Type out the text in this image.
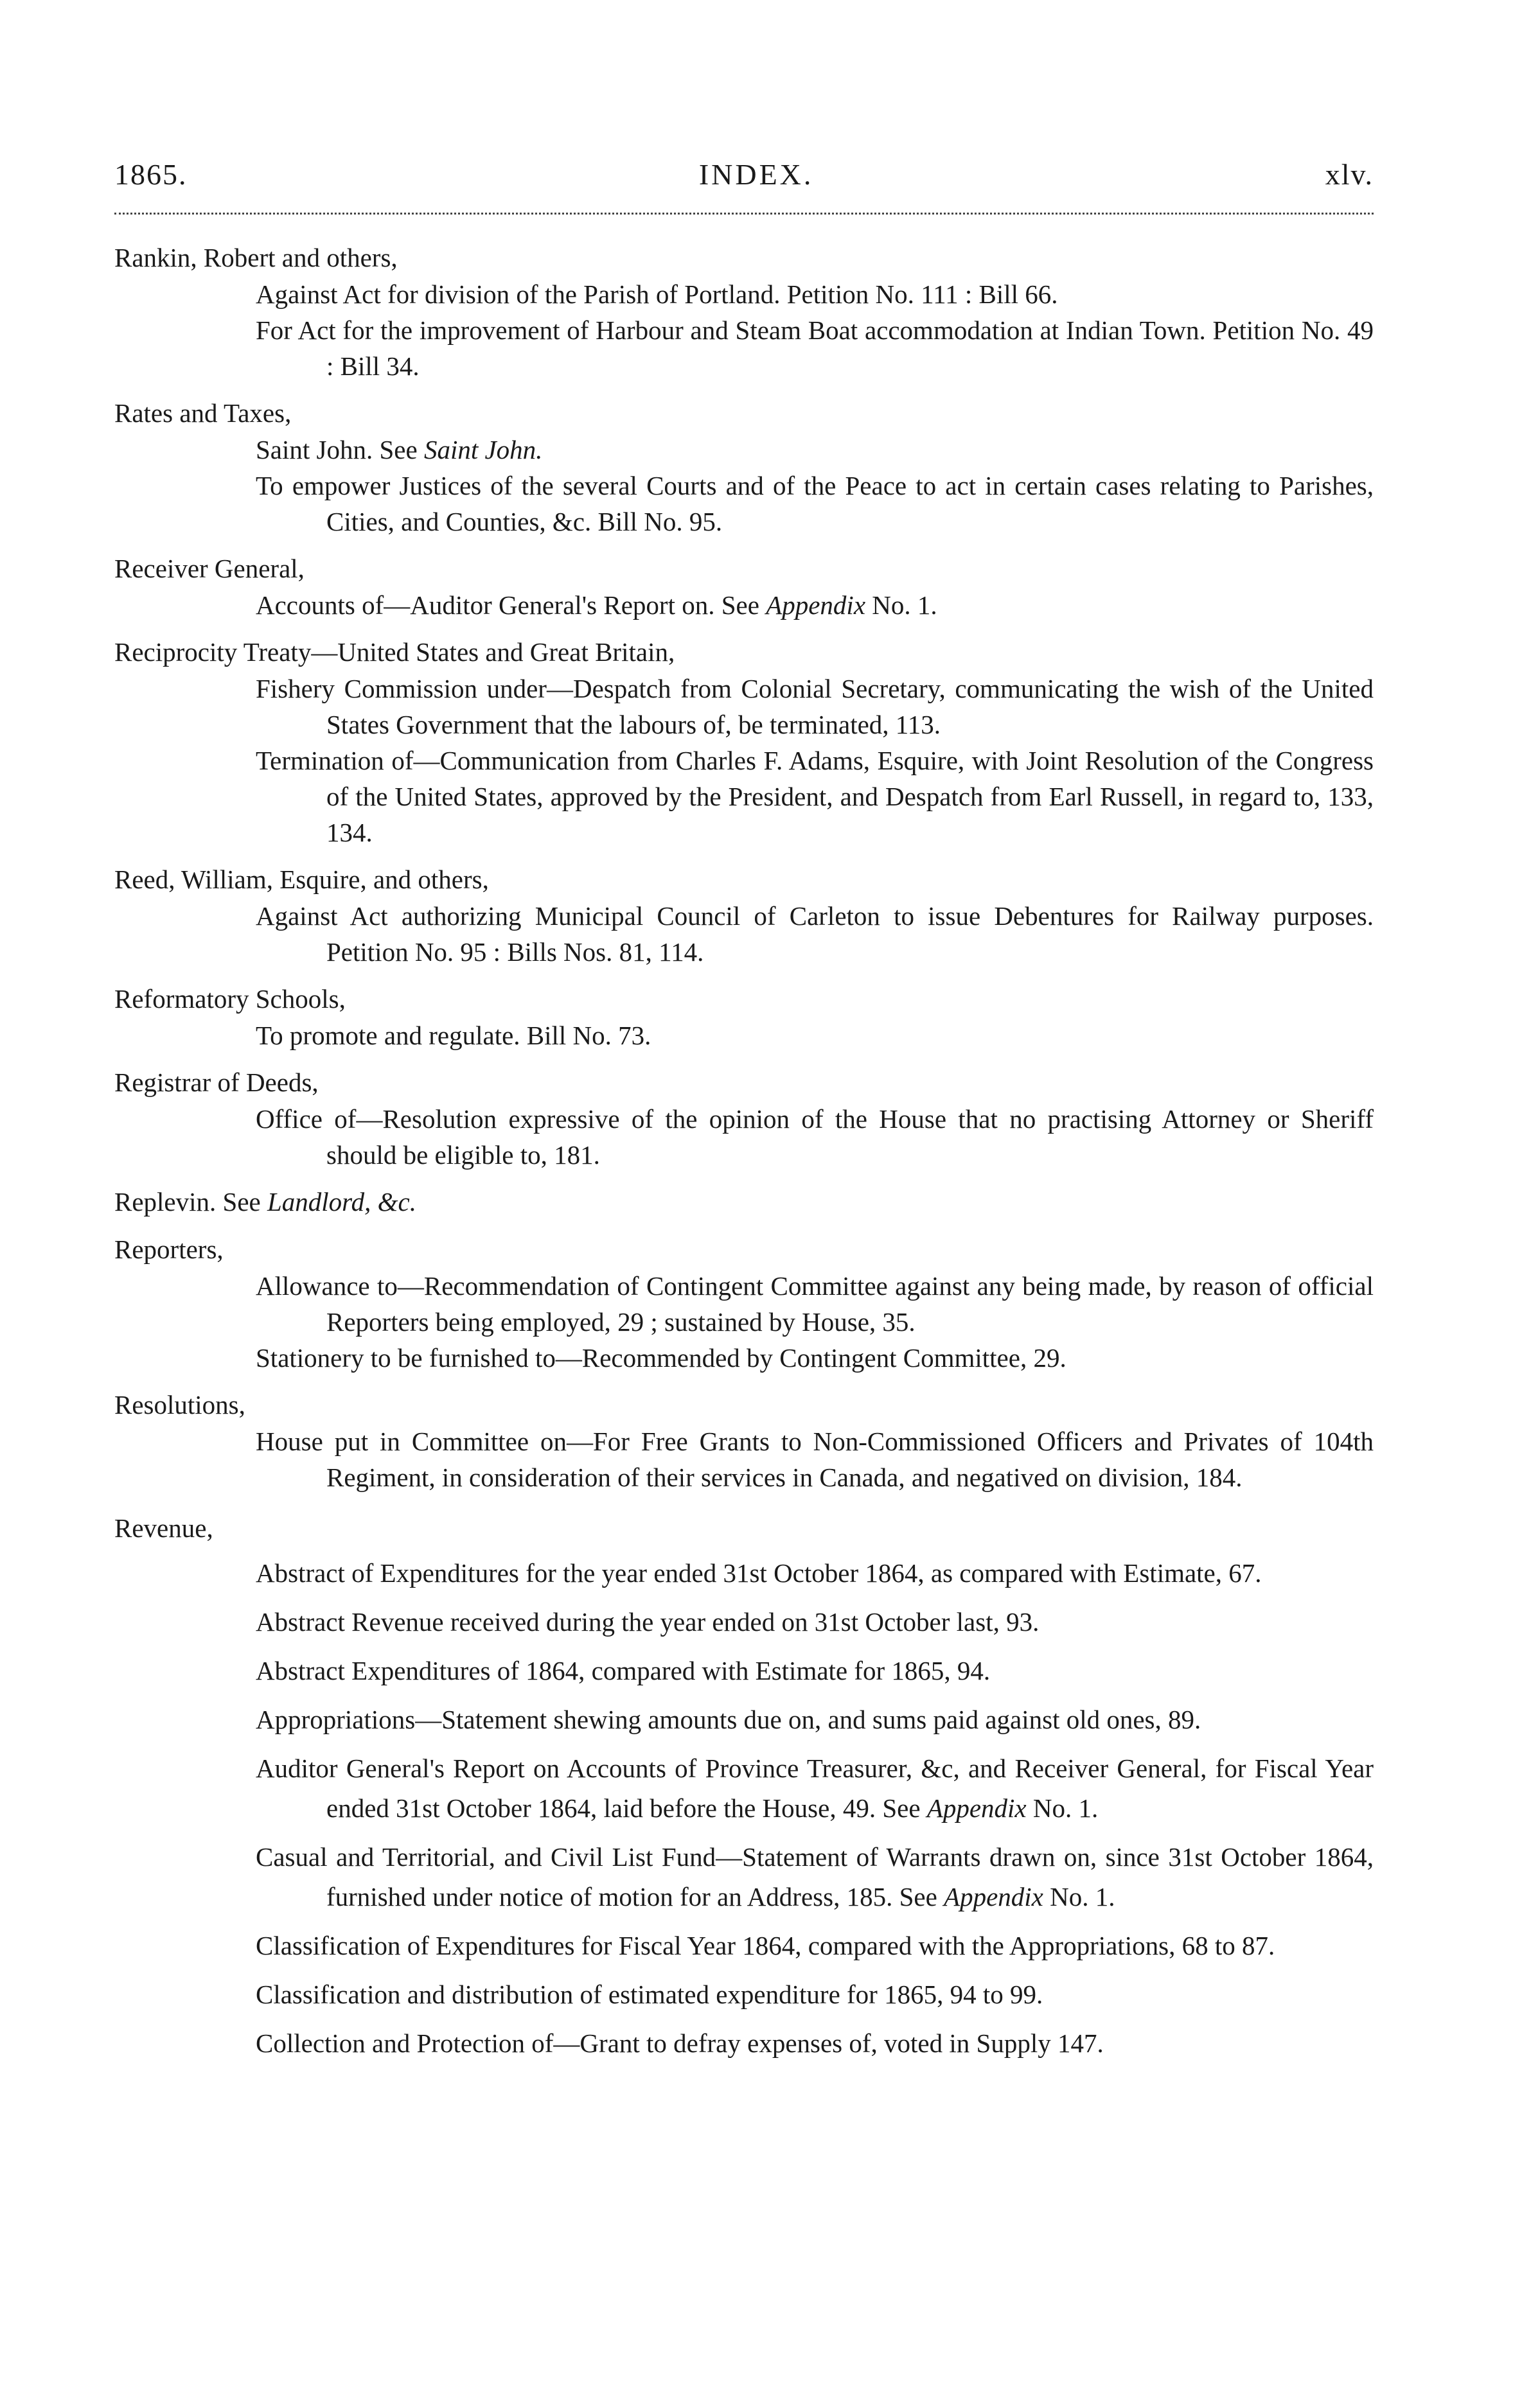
1865.	INDEX.	xlv.

Rankin, Robert and others,

Against Act for division of the Parish of Portland. Petition No. 111 : Bill 66.

For Act for the improvement of Harbour and Steam Boat accommodation at Indian Town. Petition No. 49 : Bill 34.

Rates and Taxes,

Saint John. See Saint John.

To empower Justices of the several Courts and of the Peace to act in certain cases relating to Parishes, Cities, and Counties, &c. Bill No. 95.

Receiver General,

Accounts of—Auditor General's Report on. See Appendix No. 1.

Reciprocity Treaty—United States and Great Britain,

Fishery Commission under—Despatch from Colonial Secretary, communicating the wish of the United States Government that the labours of, be terminated, 113.

Termination of—Communication from Charles F. Adams, Esquire, with Joint Resolution of the Congress of the United States, approved by the President, and Despatch from Earl Russell, in regard to, 133, 134.

Reed, William, Esquire, and others,

Against Act authorizing Municipal Council of Carleton to issue Debentures for Railway purposes. Petition No. 95 : Bills Nos. 81, 114.

Reformatory Schools,

To promote and regulate. Bill No. 73.

Registrar of Deeds,

Office of—Resolution expressive of the opinion of the House that no practising Attorney or Sheriff should be eligible to, 181.

Replevin. See Landlord, &c.

Reporters,

Allowance to—Recommendation of Contingent Committee against any being made, by reason of official Reporters being employed, 29 ; sustained by House, 35.

Stationery to be furnished to—Recommended by Contingent Committee, 29.

Resolutions,

House put in Committee on—For Free Grants to Non-Commissioned Officers and Privates of 104th Regiment, in consideration of their services in Canada, and negatived on division, 184.

Revenue,

Abstract of Expenditures for the year ended 31st October 1864, as compared with Estimate, 67.

Abstract Revenue received during the year ended on 31st October last, 93.

Abstract Expenditures of 1864, compared with Estimate for 1865, 94.

Appropriations—Statement shewing amounts due on, and sums paid against old ones, 89.

Auditor General's Report on Accounts of Province Treasurer, &c, and Receiver General, for Fiscal Year ended 31st October 1864, laid before the House, 49. See Appendix No. 1.

Casual and Territorial, and Civil List Fund—Statement of Warrants drawn on, since 31st October 1864, furnished under notice of motion for an Address, 185. See Appendix No. 1.

Classification of Expenditures for Fiscal Year 1864, compared with the Appropriations, 68 to 87.

Classification and distribution of estimated expenditure for 1865, 94 to 99.

Collection and Protection of—Grant to defray expenses of, voted in Supply 147.
